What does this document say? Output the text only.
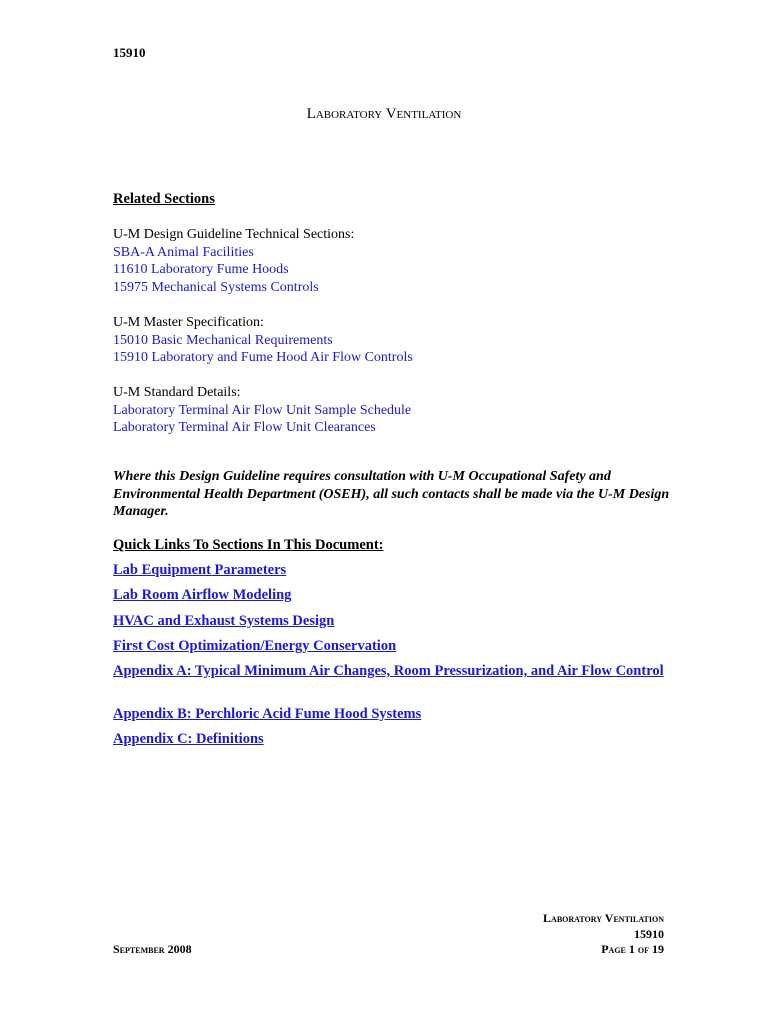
15910
Laboratory Ventilation
Related Sections
U-M Design Guideline Technical Sections:
SBA-A Animal Facilities
11610 Laboratory Fume Hoods
15975 Mechanical Systems Controls
U-M Master Specification:
15010 Basic Mechanical Requirements
15910 Laboratory and Fume Hood Air Flow Controls
U-M Standard Details:
Laboratory Terminal Air Flow Unit Sample Schedule
Laboratory Terminal Air Flow Unit Clearances
Where this Design Guideline requires consultation with U-M Occupational Safety and Environmental Health Department (OSEH), all such contacts shall be made via the U-M Design Manager.
Quick Links To Sections In This Document:
Lab Equipment Parameters
Lab Room Airflow Modeling
HVAC and Exhaust Systems Design
First Cost Optimization/Energy Conservation
Appendix A: Typical Minimum Air Changes, Room Pressurization, and Air Flow Control
Appendix B: Perchloric Acid Fume Hood Systems
Appendix C: Definitions
Laboratory Ventilation
15910
September 2008	Page 1 of 19
